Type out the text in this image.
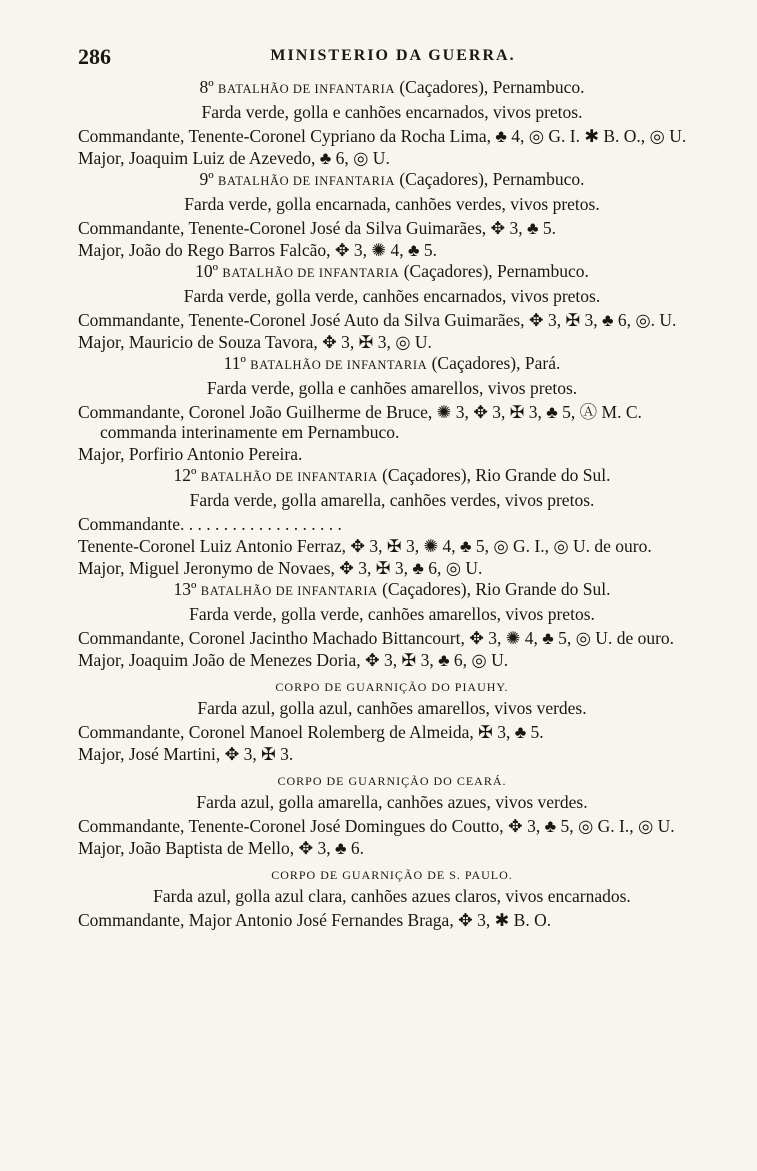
286	MINISTERIO DA GUERRA.
8º BATALHÃO DE INFANTARIA (Caçadores), Pernambuco.
Farda verde, golla e canhões encarnados, vivos pretos.
Commandante, Tenente-Coronel Cypriano da Rocha Lima, ♣ 4, ◎ G. I. ✱ B. O., ◎ U.
Major, Joaquim Luiz de Azevedo, ♣ 6, ◎ U.
9º BATALHÃO DE INFANTARIA (Caçadores), Pernambuco.
Farda verde, golla encarnada, canhões verdes, vivos pretos.
Commandante, Tenente-Coronel José da Silva Guimarães, ✥ 3, ♣ 5.
Major, João do Rego Barros Falcão, ✥ 3, ✺ 4, ♣ 5.
10º BATALHÃO DE INFANTARIA (Caçadores), Pernambuco.
Farda verde, golla verde, canhões encarnados, vivos pretos.
Commandante, Tenente-Coronel José Auto da Silva Guimarães, ✥ 3, ✠ 3, ♣ 6, ◎. U.
Major, Mauricio de Souza Tavora, ✥ 3, ✠ 3, ◎ U.
11º BATALHÃO DE INFANTARIA (Caçadores), Pará.
Farda verde, golla e canhões amarellos, vivos pretos.
Commandante, Coronel João Guilherme de Bruce, ✺ 3, ✥ 3, ✠ 3, ♣ 5, Ⓐ M. C. commanda interinamente em Pernambuco.
Major, Porfirio Antonio Pereira.
12º BATALHÃO DE INFANTARIA (Caçadores), Rio Grande do Sul.
Farda verde, golla amarella, canhões verdes, vivos pretos.
Commandante. . . . . . . . . . . . . . . . . . .
Tenente-Coronel Luiz Antonio Ferraz, ✥ 3, ✠ 3, ✺ 4, ♣ 5, ◎ G. I., ◎ U. de ouro.
Major, Miguel Jeronymo de Novaes, ✥ 3, ✠ 3, ♣ 6, ◎ U.
13º BATALHÃO DE INFANTARIA (Caçadores), Rio Grande do Sul.
Farda verde, golla verde, canhões amarellos, vivos pretos.
Commandante, Coronel Jacintho Machado Bittancourt, ✥ 3, ✺ 4, ♣ 5, ◎ U. de ouro.
Major, Joaquim João de Menezes Doria, ✥ 3, ✠ 3, ♣ 6, ◎ U.
CORPO DE GUARNIÇÃO DO PIAUHY.
Farda azul, golla azul, canhões amarellos, vivos verdes.
Commandante, Coronel Manoel Rolemberg de Almeida, ✠ 3, ♣ 5.
Major, José Martini, ✥ 3, ✠ 3.
CORPO DE GUARNIÇÃO DO CEARÁ.
Farda azul, golla amarella, canhões azues, vivos verdes.
Commandante, Tenente-Coronel José Domingues do Coutto, ✥ 3, ♣ 5, ◎ G. I., ◎ U.
Major, João Baptista de Mello, ✥ 3, ♣ 6.
CORPO DE GUARNIÇÃO DE S. PAULO.
Farda azul, golla azul clara, canhões azues claros, vivos encarnados.
Commandante, Major Antonio José Fernandes Braga, ✥ 3, ✱ B. O.
